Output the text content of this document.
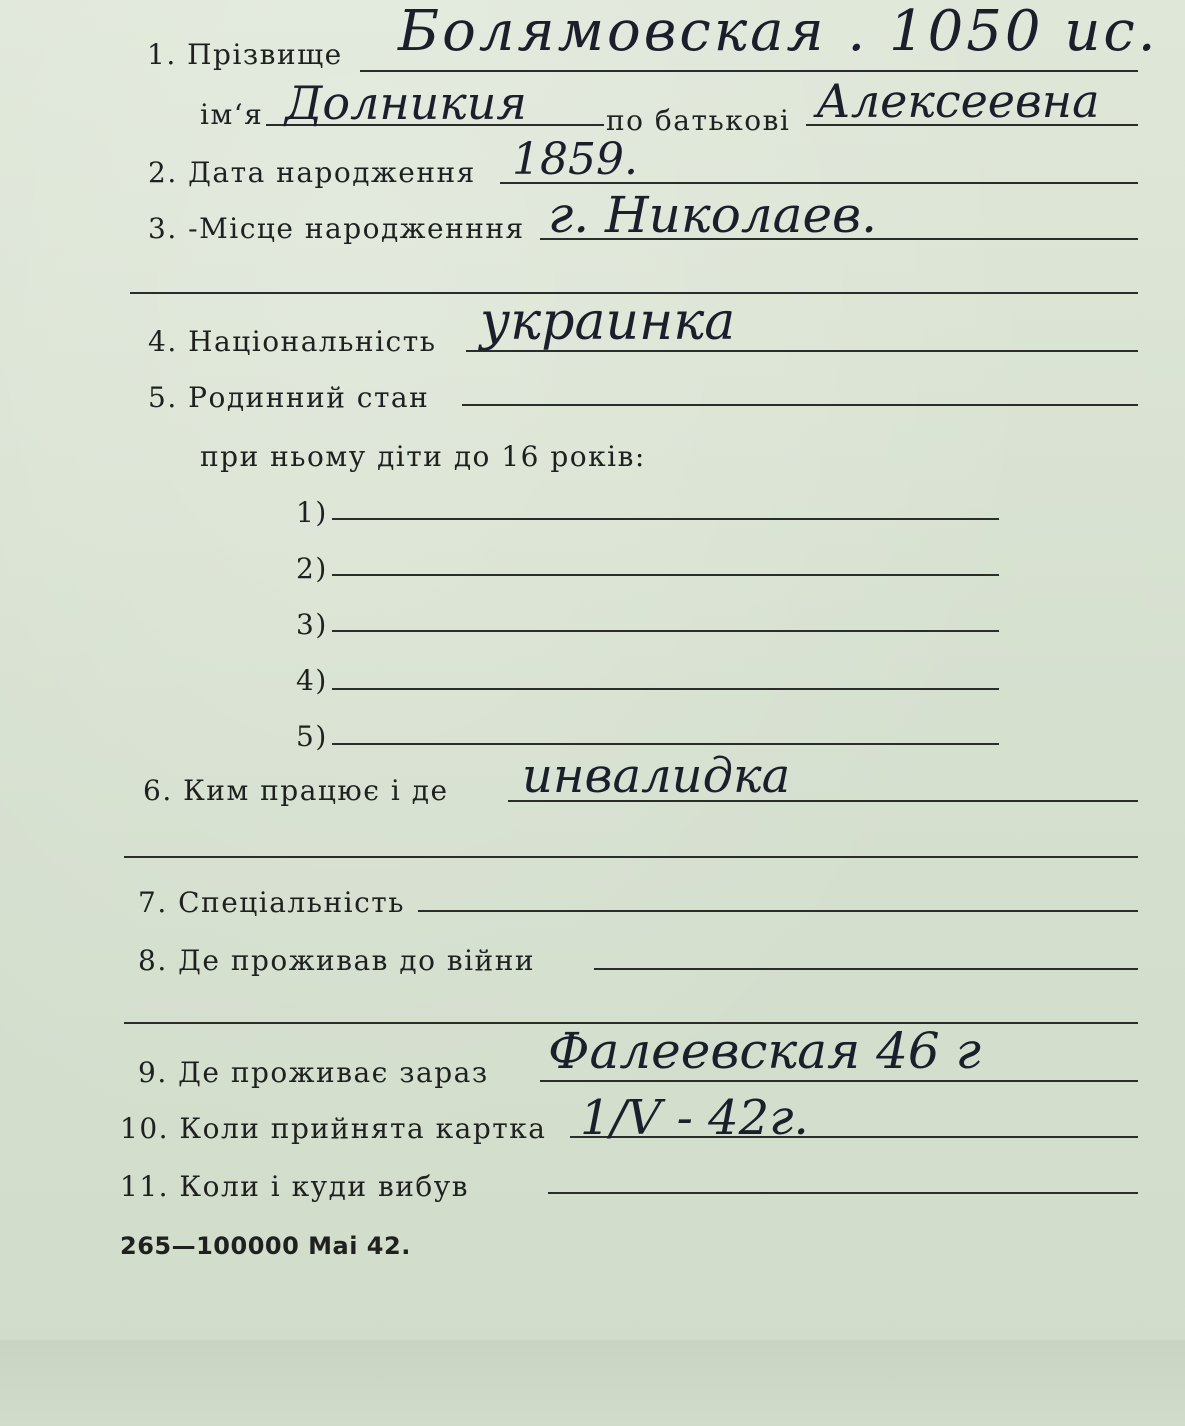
1. Прізвище Болямовская . 1050 ис.
ім‘я Долникия	по батькові Алексеевна
2. Дата народження 1859.
3. -Місце народженння г. Николаев.
4. Національність украинка
5. Родинний стан
при ньому діти до 16 років:
1)
2)
3)
4)
5)
6. Ким працює і де инвалидка
7. Спеціальність
8. Де проживав до війни
9. Де проживає зараз Фалеевская 46 г
10. Коли прийнята картка 1/V - 42г.
11. Коли і куди вибув
265—100000 Mai 42.
